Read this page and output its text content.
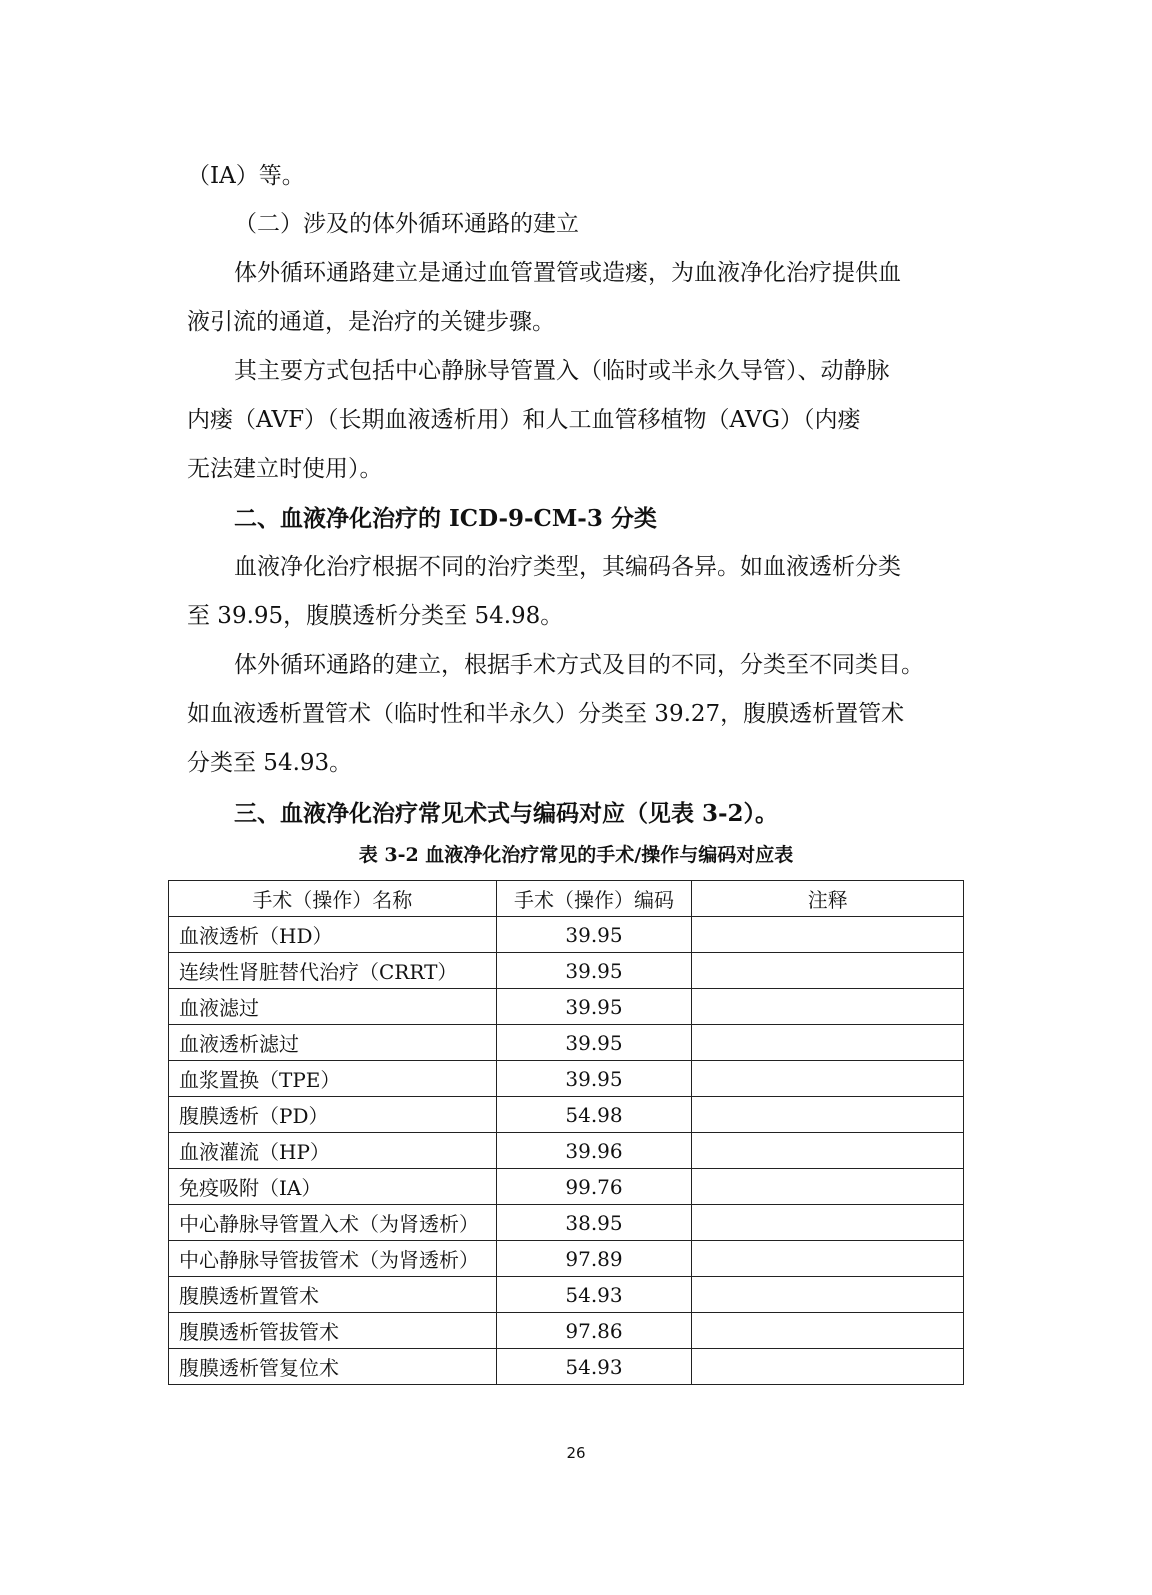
（IA）等。
（二）涉及的体外循环通路的建立
体外循环通路建立是通过血管置管或造瘘，为血液净化治疗提供血
液引流的通道，是治疗的关键步骤。
其主要方式包括中心静脉导管置入（临时或半永久导管）、动静脉
内瘘（AVF）（长期血液透析用）和人工血管移植物（AVG）（内瘘
无法建立时使用）。
二、血液净化治疗的 ICD-9-CM-3 分类
血液净化治疗根据不同的治疗类型，其编码各异。如血液透析分类
至 39.95，腹膜透析分类至 54.98。
体外循环通路的建立，根据手术方式及目的不同，分类至不同类目。
如血液透析置管术（临时性和半永久）分类至 39.27，腹膜透析置管术
分类至 54.93。
三、血液净化治疗常见术式与编码对应（见表 3-2）。
表 3-2 血液净化治疗常见的手术/操作与编码对应表
手术（操作）名称	手术（操作）编码	注释
血液透析（HD）	39.95	
连续性肾脏替代治疗（CRRT）	39.95	
血液滤过	39.95	
血液透析滤过	39.95	
血浆置换（TPE）	39.95	
腹膜透析（PD）	54.98	
血液灌流（HP）	39.96	
免疫吸附（IA）	99.76	
中心静脉导管置入术（为肾透析）	38.95	
中心静脉导管拔管术（为肾透析）	97.89	
腹膜透析置管术	54.93	
腹膜透析管拔管术	97.86	
腹膜透析管复位术	54.93	
26
